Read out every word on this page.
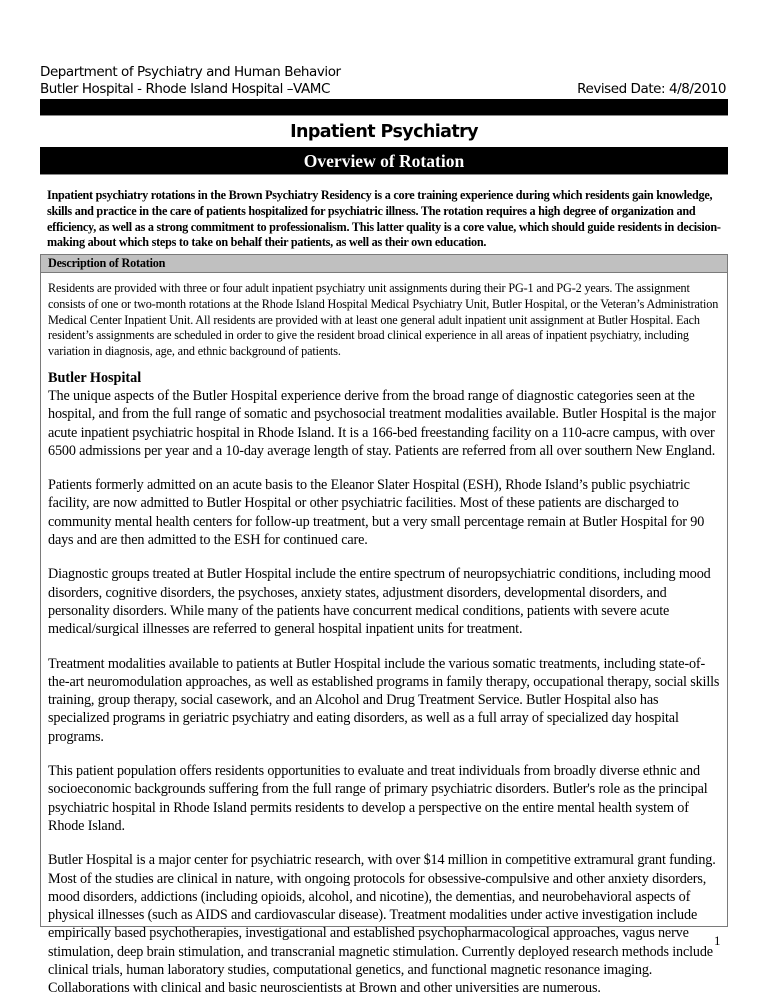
Department of Psychiatry and Human Behavior
Butler Hospital - Rhode Island Hospital –VAMC	Revised Date: 4/8/2010
Inpatient Psychiatry
Overview of Rotation
Inpatient psychiatry rotations in the Brown Psychiatry Residency is a core training experience during which residents gain knowledge, skills and practice in the care of patients hospitalized for psychiatric illness. The rotation requires a high degree of organization and efficiency, as well as a strong commitment to professionalism. This latter quality is a core value, which should guide residents in decision-making about which steps to take on behalf their patients, as well as their own education.
Description of Rotation

Residents are provided with three or four adult inpatient psychiatry unit assignments during their PG-1 and PG-2 years. The assignment consists of one or two-month rotations at the Rhode Island Hospital Medical Psychiatry Unit, Butler Hospital, or the Veteran’s Administration Medical Center Inpatient Unit. All residents are provided with at least one general adult inpatient unit assignment at Butler Hospital. Each resident’s assignments are scheduled in order to give the resident broad clinical experience in all areas of inpatient psychiatry, including variation in diagnosis, age, and ethnic background of patients.

Butler Hospital

The unique aspects of the Butler Hospital experience derive from the broad range of diagnostic categories seen at the hospital, and from the full range of somatic and psychosocial treatment modalities available. Butler Hospital is the major acute inpatient psychiatric hospital in Rhode Island. It is a 166-bed freestanding facility on a 110-acre campus, with over 6500 admissions per year and a 10-day average length of stay. Patients are referred from all over southern New England.

Patients formerly admitted on an acute basis to the Eleanor Slater Hospital (ESH), Rhode Island’s public psychiatric facility, are now admitted to Butler Hospital or other psychiatric facilities. Most of these patients are discharged to community mental health centers for follow-up treatment, but a very small percentage remain at Butler Hospital for 90 days and are then admitted to the ESH for continued care.

Diagnostic groups treated at Butler Hospital include the entire spectrum of neuropsychiatric conditions, including mood disorders, cognitive disorders, the psychoses, anxiety states, adjustment disorders, developmental disorders, and personality disorders. While many of the patients have concurrent medical conditions, patients with severe acute medical/surgical illnesses are referred to general hospital inpatient units for treatment.

Treatment modalities available to patients at Butler Hospital include the various somatic treatments, including state-of-the-art neuromodulation approaches, as well as established programs in family therapy, occupational therapy, social skills training, group therapy, social casework, and an Alcohol and Drug Treatment Service. Butler Hospital also has specialized programs in geriatric psychiatry and eating disorders, as well as a full array of specialized day hospital programs.

This patient population offers residents opportunities to evaluate and treat individuals from broadly diverse ethnic and socioeconomic backgrounds suffering from the full range of primary psychiatric disorders. Butler's role as the principal psychiatric hospital in Rhode Island permits residents to develop a perspective on the entire mental health system of Rhode Island.

Butler Hospital is a major center for psychiatric research, with over $14 million in competitive extramural grant funding. Most of the studies are clinical in nature, with ongoing protocols for obsessive-compulsive and other anxiety disorders, mood disorders, addictions (including opioids, alcohol, and nicotine), the dementias, and neurobehavioral aspects of physical illnesses (such as AIDS and cardiovascular disease). Treatment modalities under active investigation include empirically based psychotherapies, investigational and established psychopharmacological approaches, vagus nerve stimulation, deep brain stimulation, and transcranial magnetic stimulation. Currently deployed research methods include clinical trials, human laboratory studies, computational genetics, and functional magnetic resonance imaging. Collaborations with clinical and basic neuroscientists at Brown and other universities are numerous.

1
